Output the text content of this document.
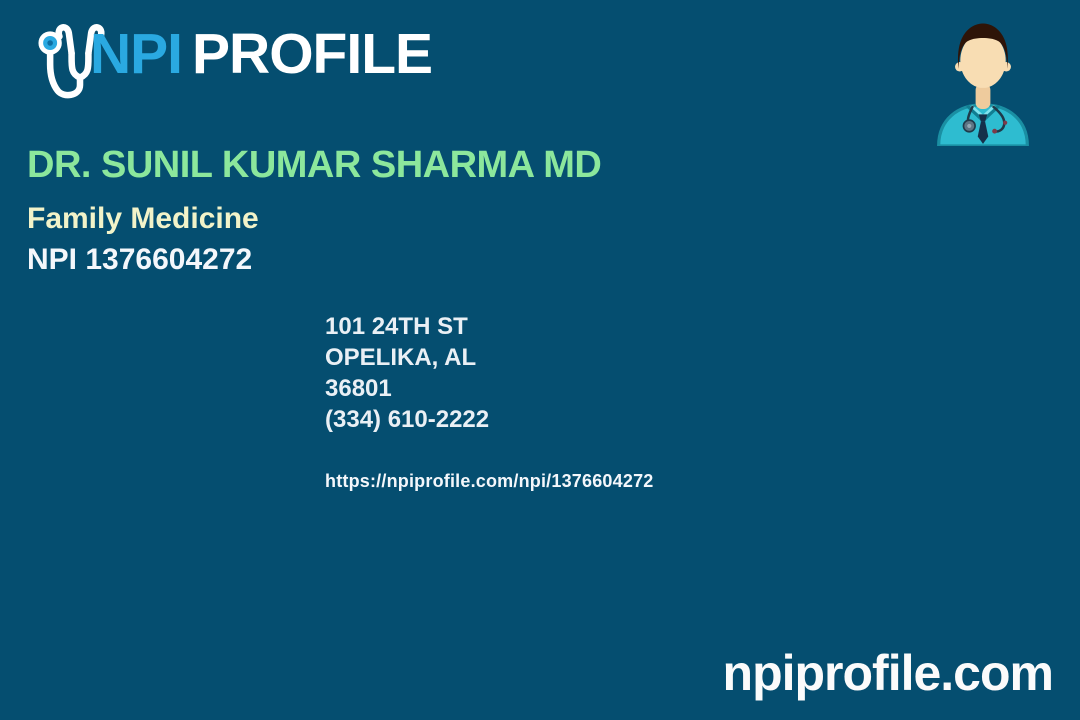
NPI PROFILE
DR. SUNIL KUMAR SHARMA MD
Family Medicine
NPI 1376604272
101 24TH ST
OPELIKA, AL
36801
(334) 610-2222
https://npiprofile.com/npi/1376604272
npiprofile.com
